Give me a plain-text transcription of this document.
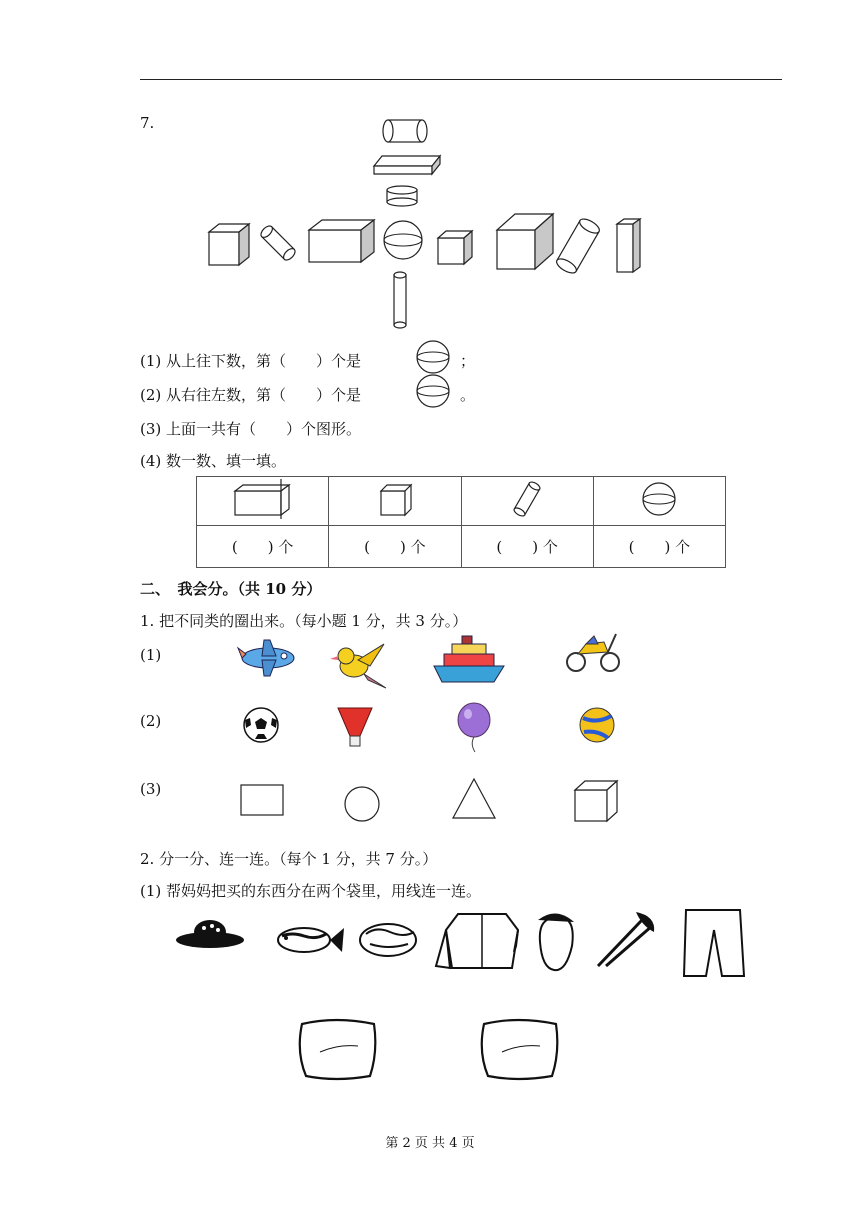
7.
(1) 从上往下数，第（　　）个是	；
(2) 从右往左数，第（　　）个是	。
(3) 上面一共有（　　）个图形。
(4) 数一数、填一填。

(　　) 个	(　　) 个	(　　) 个	(　　) 个
二、　我会分。（共 10 分）
1. 把不同类的圈出来。（每小题 1 分，共 3 分。）
(1)
(2)
(3)
2. 分一分、连一连。（每个 1 分，共 7 分。）
(1) 帮妈妈把买的东西分在两个袋里，用线连一连。
第 2 页 共 4 页
